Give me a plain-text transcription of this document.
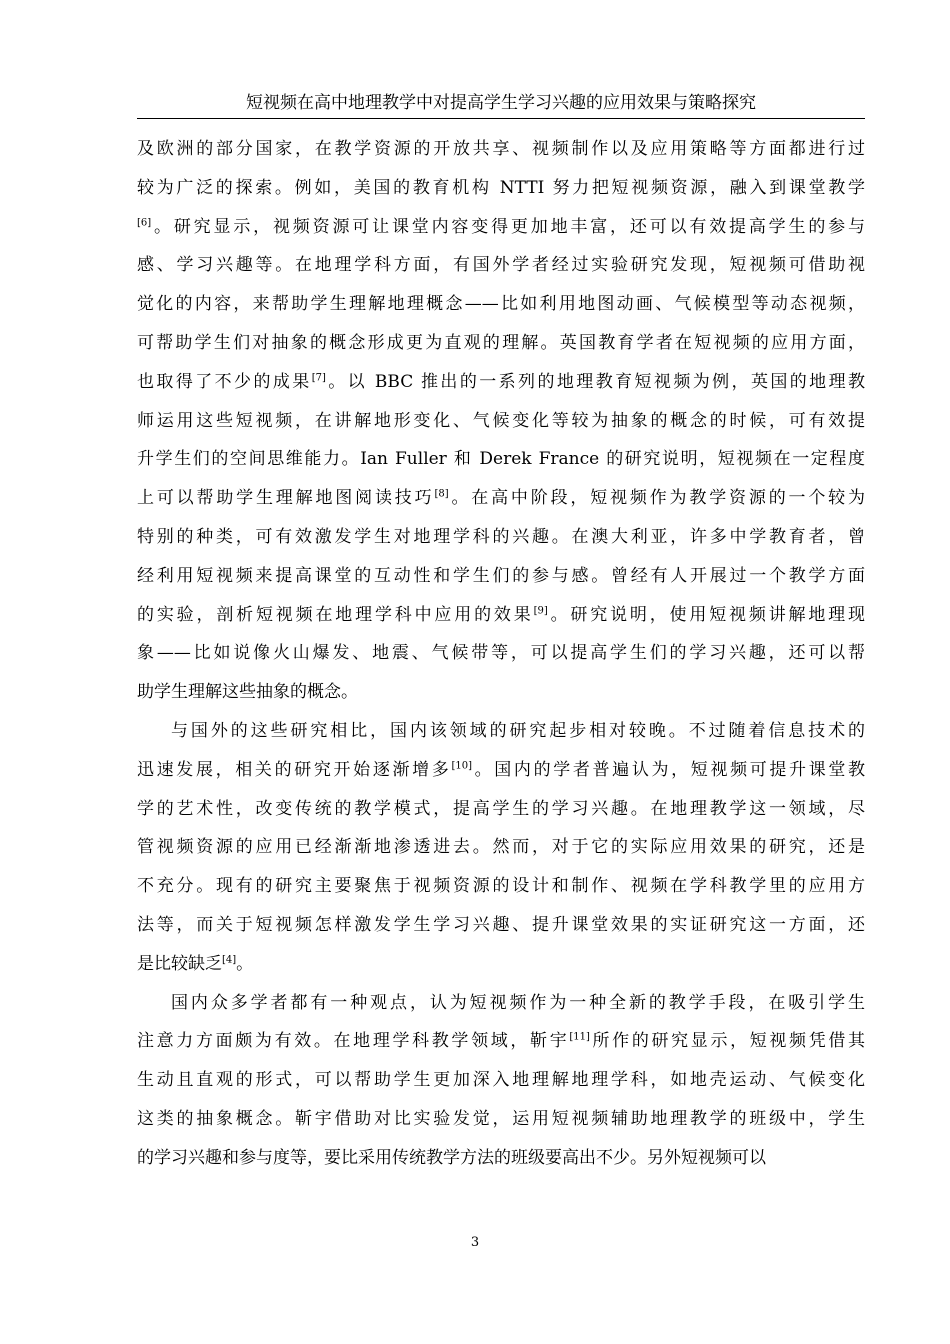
短视频在高中地理教学中对提高学生学习兴趣的应用效果与策略探究
及欧洲的部分国家，在教学资源的开放共享、视频制作以及应用策略等方面都进行过
较为广泛的探索。例如，美国的教育机构 NTTI 努力把短视频资源，融入到课堂教学
[6]。研究显示，视频资源可让课堂内容变得更加地丰富，还可以有效提高学生的参与
感、学习兴趣等。在地理学科方面，有国外学者经过实验研究发现，短视频可借助视
觉化的内容，来帮助学生理解地理概念——比如利用地图动画、气候模型等动态视频，
可帮助学生们对抽象的概念形成更为直观的理解。英国教育学者在短视频的应用方面，
也取得了不少的成果[7]。以 BBC 推出的一系列的地理教育短视频为例，英国的地理教
师运用这些短视频，在讲解地形变化、气候变化等较为抽象的概念的时候，可有效提
升学生们的空间思维能力。Ian Fuller 和 Derek France 的研究说明，短视频在一定程度
上可以帮助学生理解地图阅读技巧[8]。在高中阶段，短视频作为教学资源的一个较为
特别的种类，可有效激发学生对地理学科的兴趣。在澳大利亚，许多中学教育者，曾
经利用短视频来提高课堂的互动性和学生们的参与感。曾经有人开展过一个教学方面
的实验，剖析短视频在地理学科中应用的效果[9]。研究说明，使用短视频讲解地理现
象——比如说像火山爆发、地震、气候带等，可以提高学生们的学习兴趣，还可以帮
助学生理解这些抽象的概念。
与国外的这些研究相比，国内该领域的研究起步相对较晚。不过随着信息技术的
迅速发展，相关的研究开始逐渐增多[10]。国内的学者普遍认为，短视频可提升课堂教
学的艺术性，改变传统的教学模式，提高学生的学习兴趣。在地理教学这一领域，尽
管视频资源的应用已经渐渐地渗透进去。然而，对于它的实际应用效果的研究，还是
不充分。现有的研究主要聚焦于视频资源的设计和制作、视频在学科教学里的应用方
法等，而关于短视频怎样激发学生学习兴趣、提升课堂效果的实证研究这一方面，还
是比较缺乏[4]。
国内众多学者都有一种观点，认为短视频作为一种全新的教学手段，在吸引学生
注意力方面颇为有效。在地理学科教学领域，靳宇[11]所作的研究显示，短视频凭借其
生动且直观的形式，可以帮助学生更加深入地理解地理学科，如地壳运动、气候变化
这类的抽象概念。靳宇借助对比实验发觉，运用短视频辅助地理教学的班级中，学生
的学习兴趣和参与度等，要比采用传统教学方法的班级要高出不少。另外短视频可以
3
